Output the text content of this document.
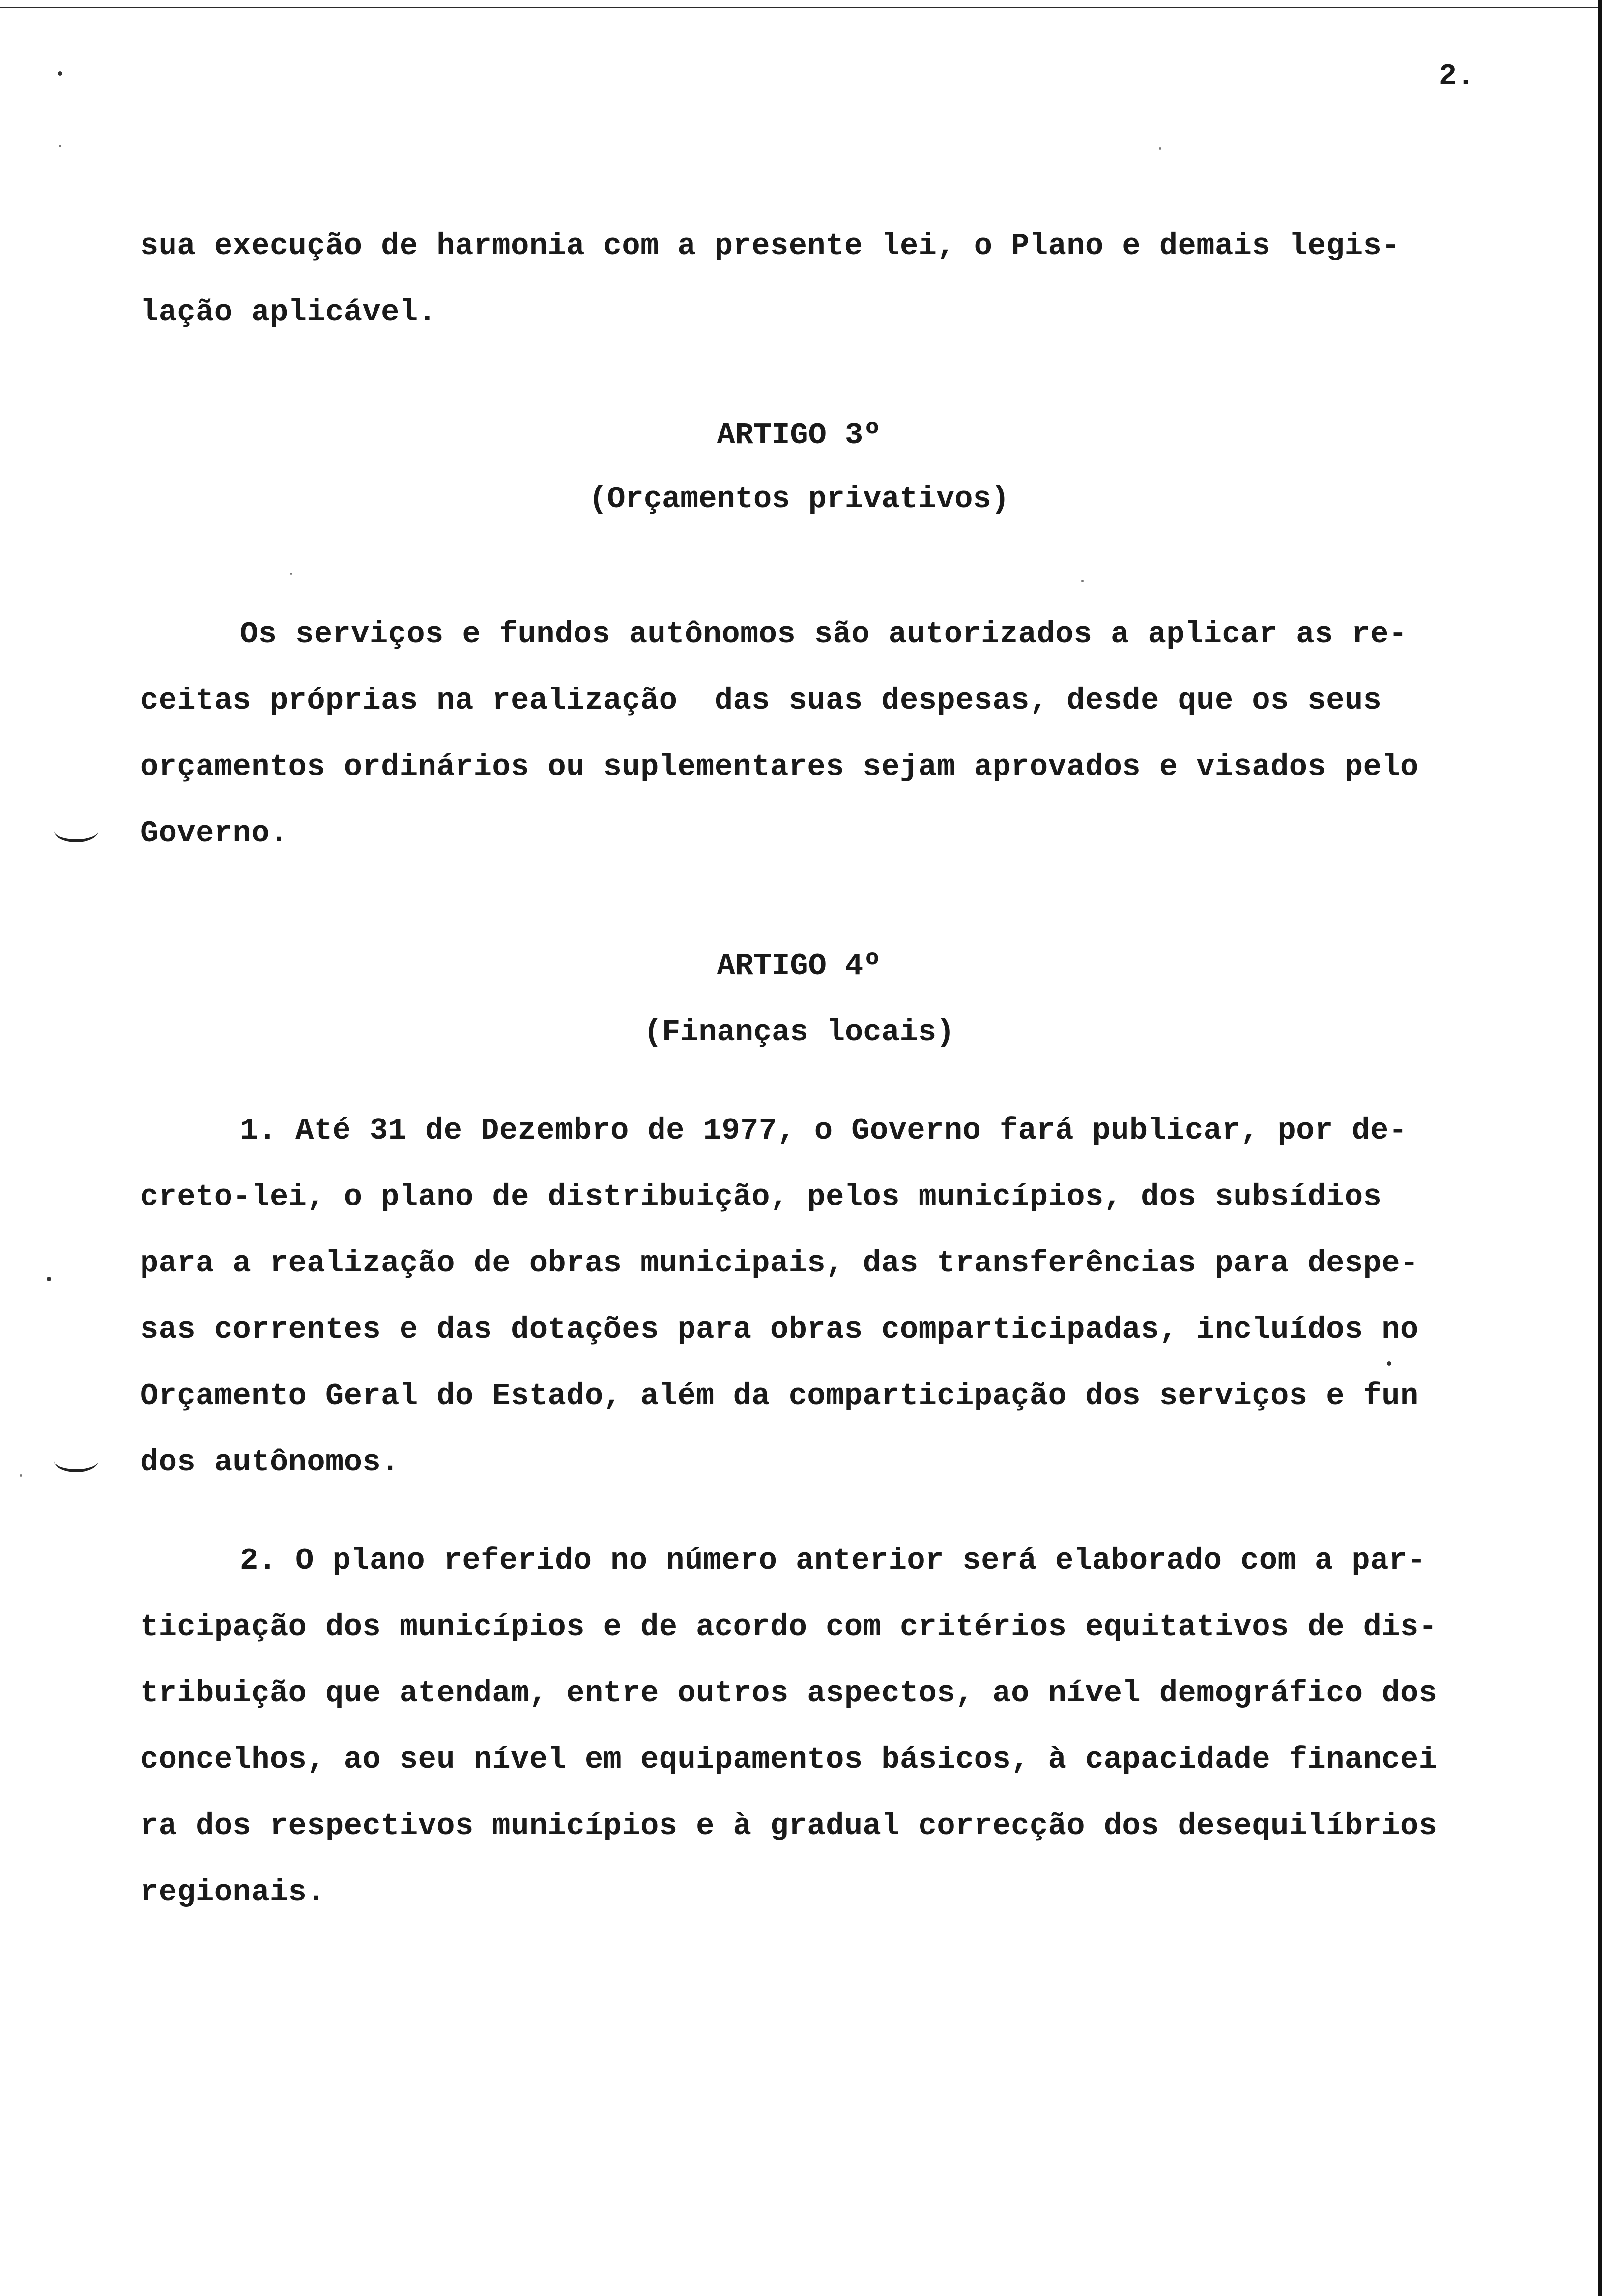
2.
sua execução de harmonia com a presente lei, o Plano e demais legis-
lação aplicável.
ARTIGO 3º
(Orçamentos privativos)
Os serviços e fundos autônomos são autorizados a aplicar as re-
ceitas próprias na realização  das suas despesas, desde que os seus
orçamentos ordinários ou suplementares sejam aprovados e visados pelo
Governo.
ARTIGO 4º
(Finanças locais)
1. Até 31 de Dezembro de 1977, o Governo fará publicar, por de-
creto-lei, o plano de distribuição, pelos municípios, dos subsídios
para a realização de obras municipais, das transferências para despe-
sas correntes e das dotações para obras comparticipadas, incluídos no
Orçamento Geral do Estado, além da comparticipação dos serviços e fun
dos autônomos.
2. O plano referido no número anterior será elaborado com a par-
ticipação dos municípios e de acordo com critérios equitativos de dis-
tribuição que atendam, entre outros aspectos, ao nível demográfico dos
concelhos, ao seu nível em equipamentos básicos, à capacidade financei
ra dos respectivos municípios e à gradual correcção dos desequilíbrios
regionais.
